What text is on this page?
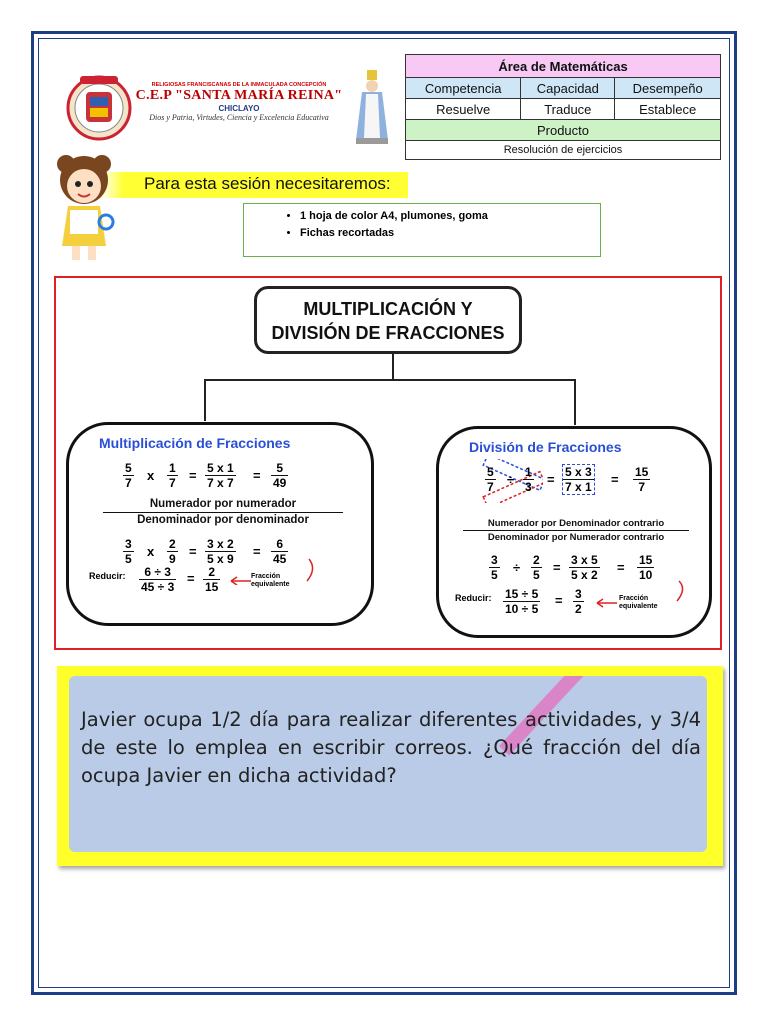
RELIGIOSAS FRANCISCANAS DE LA INMACULADA CONCEPCIÓN
C.E.P "SANTA MARÍA REINA"
CHICLAYO
Dios y Patria, Virtudes, Ciencia y Excelencia Educativa
Área de Matemáticas		
Competencia	Capacidad	Desempeño
Resuelve	Traduce	Establece
Producto		
Resolución de ejercicios		
Para esta sesión necesitaremos:
• 1 hoja de color A4, plumones, goma
• Fichas recortadas
MULTIPLICACIÓN Y
DIVISIÓN DE FRACCIONES
Multiplicación de Fracciones
$\frac{5}{7}$ x $\frac{1}{7} = \frac{5 x 1}{7 x 7} = \frac{5}{49}$
Numerador por numerador
Denominador por denominador
$\frac{3}{5}$ x $\frac{2}{9} = \frac{3 x 2}{5 x 9} = \frac{6}{45}$
Reducir: $\frac{6 \div 3}{45 \div 3} = \frac{2}{15}$	Fracción
equivalente
División de Fracciones
$\frac{5}{7} \div \frac{1}{3} = \frac{5 x 3}{7 x 1} = \frac{15}{7}$
Numerador por Denominador contrario
Denominador por Numerador contrario
$\frac{3}{5} \div \frac{2}{5} = \frac{3 x 5}{5 x 2} = \frac{15}{10}$
Reducir: $\frac{15 \div 5}{10 \div 5} = \frac{3}{2}$	Fracción
equivalente
Javier ocupa 1/2 día para realizar diferentes actividades, y 3/4 de este lo emplea en escribir correos. ¿Qué fracción del día ocupa Javier en dicha actividad?
